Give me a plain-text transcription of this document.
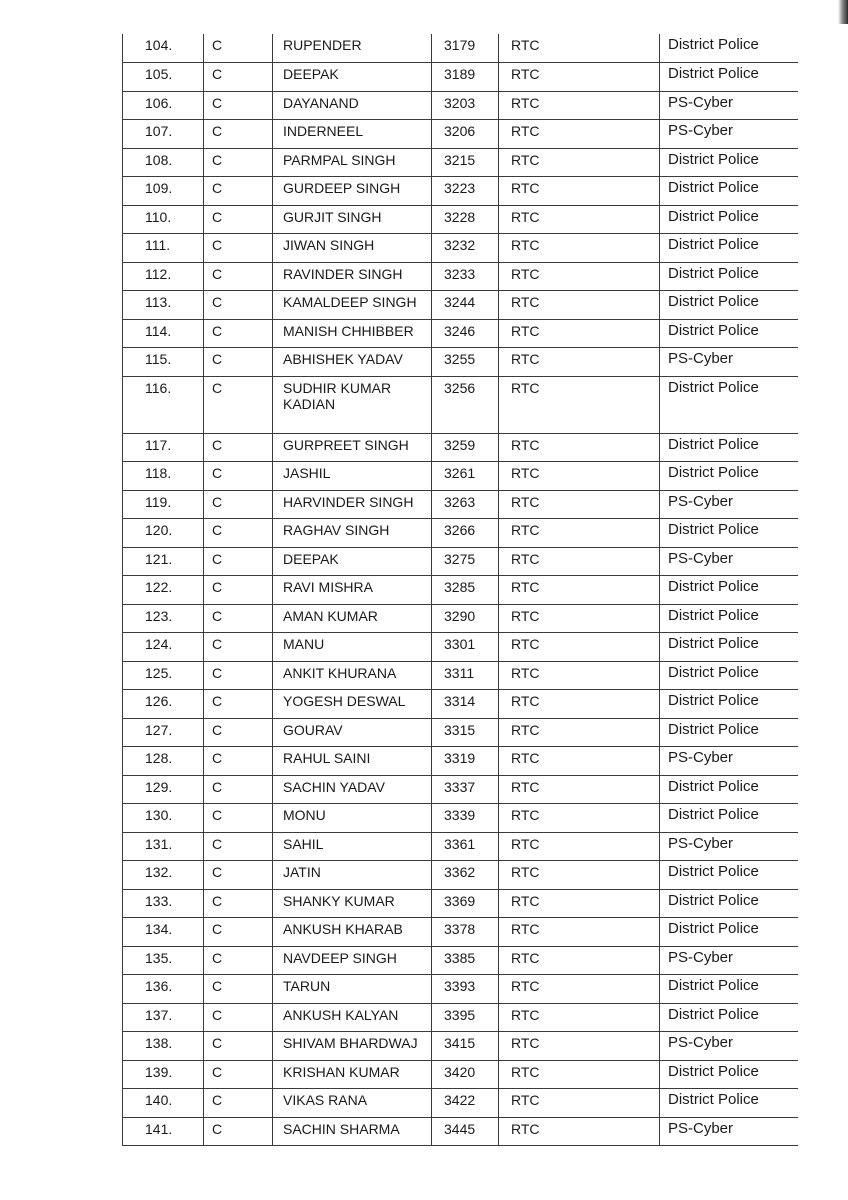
104.	C	RUPENDER	3179	RTC	District Police
105.	C	DEEPAK	3189	RTC	District Police
106.	C	DAYANAND	3203	RTC	PS-Cyber
107.	C	INDERNEEL	3206	RTC	PS-Cyber
108.	C	PARMPAL SINGH	3215	RTC	District Police
109.	C	GURDEEP SINGH	3223	RTC	District Police
110.	C	GURJIT SINGH	3228	RTC	District Police
111.	C	JIWAN SINGH	3232	RTC	District Police
112.	C	RAVINDER SINGH	3233	RTC	District Police
113.	C	KAMALDEEP SINGH	3244	RTC	District Police
114.	C	MANISH CHHIBBER	3246	RTC	District Police
115.	C	ABHISHEK YADAV	3255	RTC	PS-Cyber
116.	C	SUDHIR KUMAR KADIAN	3256	RTC	District Police
117.	C	GURPREET SINGH	3259	RTC	District Police
118.	C	JASHIL	3261	RTC	District Police
119.	C	HARVINDER SINGH	3263	RTC	PS-Cyber
120.	C	RAGHAV SINGH	3266	RTC	District Police
121.	C	DEEPAK	3275	RTC	PS-Cyber
122.	C	RAVI MISHRA	3285	RTC	District Police
123.	C	AMAN KUMAR	3290	RTC	District Police
124.	C	MANU	3301	RTC	District Police
125.	C	ANKIT KHURANA	3311	RTC	District Police
126.	C	YOGESH DESWAL	3314	RTC	District Police
127.	C	GOURAV	3315	RTC	District Police
128.	C	RAHUL SAINI	3319	RTC	PS-Cyber
129.	C	SACHIN YADAV	3337	RTC	District Police
130.	C	MONU	3339	RTC	District Police
131.	C	SAHIL	3361	RTC	PS-Cyber
132.	C	JATIN	3362	RTC	District Police
133.	C	SHANKY KUMAR	3369	RTC	District Police
134.	C	ANKUSH KHARAB	3378	RTC	District Police
135.	C	NAVDEEP SINGH	3385	RTC	PS-Cyber
136.	C	TARUN	3393	RTC	District Police
137.	C	ANKUSH KALYAN	3395	RTC	District Police
138.	C	SHIVAM BHARDWAJ	3415	RTC	PS-Cyber
139.	C	KRISHAN KUMAR	3420	RTC	District Police
140.	C	VIKAS RANA	3422	RTC	District Police
141.	C	SACHIN SHARMA	3445	RTC	PS-Cyber
